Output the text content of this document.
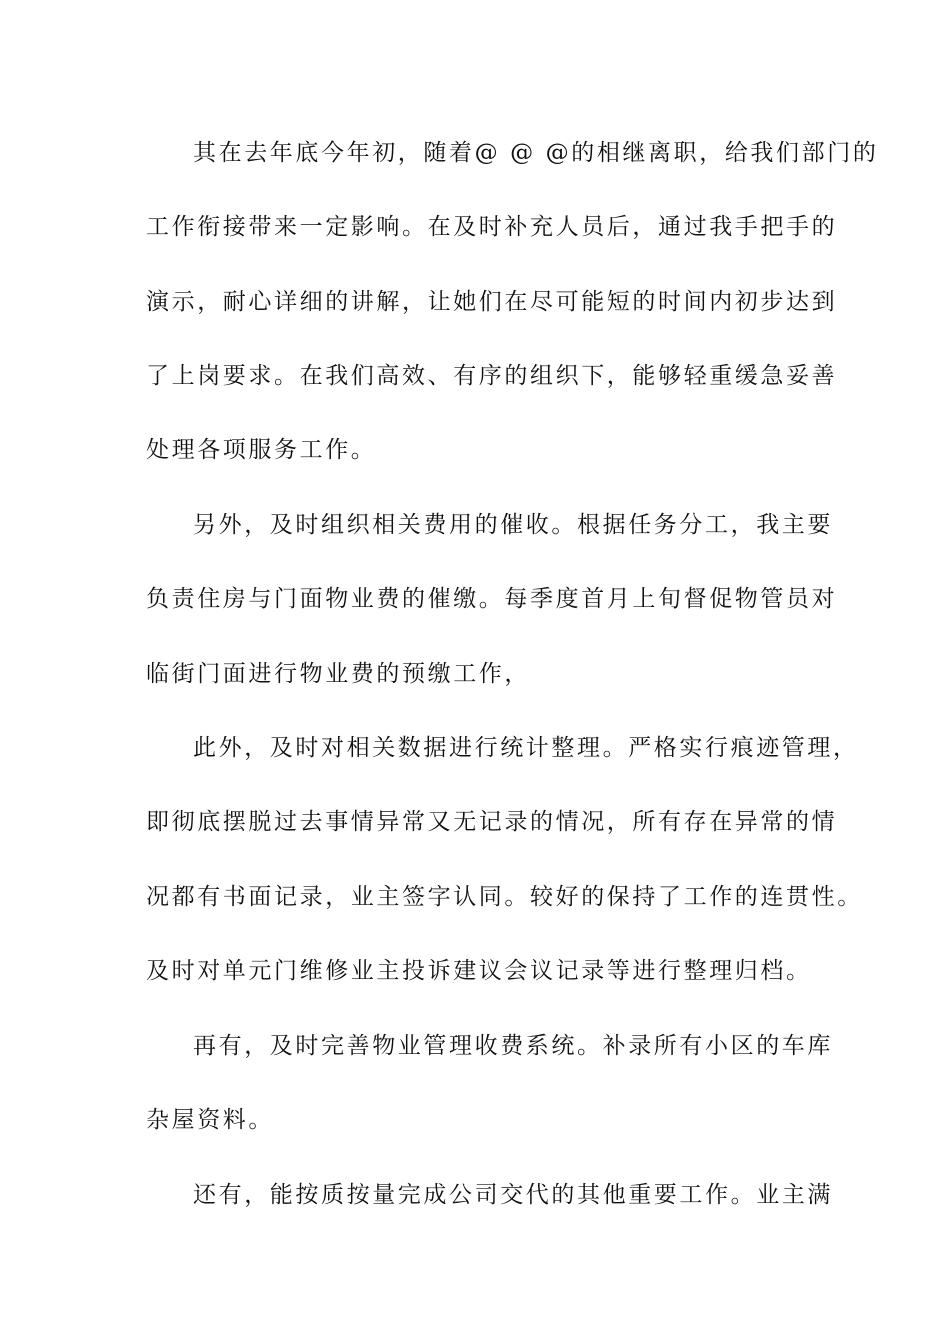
其在去年底今年初，随着@ @ @的相继离职，给我们部门的
工作衔接带来一定影响。在及时补充人员后，通过我手把手的
演示，耐心详细的讲解，让她们在尽可能短的时间内初步达到
了上岗要求。在我们高效、有序的组织下，能够轻重缓急妥善
处理各项服务工作。
另外，及时组织相关费用的催收。根据任务分工，我主要
负责住房与门面物业费的催缴。每季度首月上旬督促物管员对
临街门面进行物业费的预缴工作，
此外，及时对相关数据进行统计整理。严格实行痕迹管理，
即彻底摆脱过去事情异常又无记录的情况，所有存在异常的情
况都有书面记录，业主签字认同。较好的保持了工作的连贯性。
及时对单元门维修业主投诉建议会议记录等进行整理归档。
再有，及时完善物业管理收费系统。补录所有小区的车库
杂屋资料。
还有，能按质按量完成公司交代的其他重要工作。业主满
